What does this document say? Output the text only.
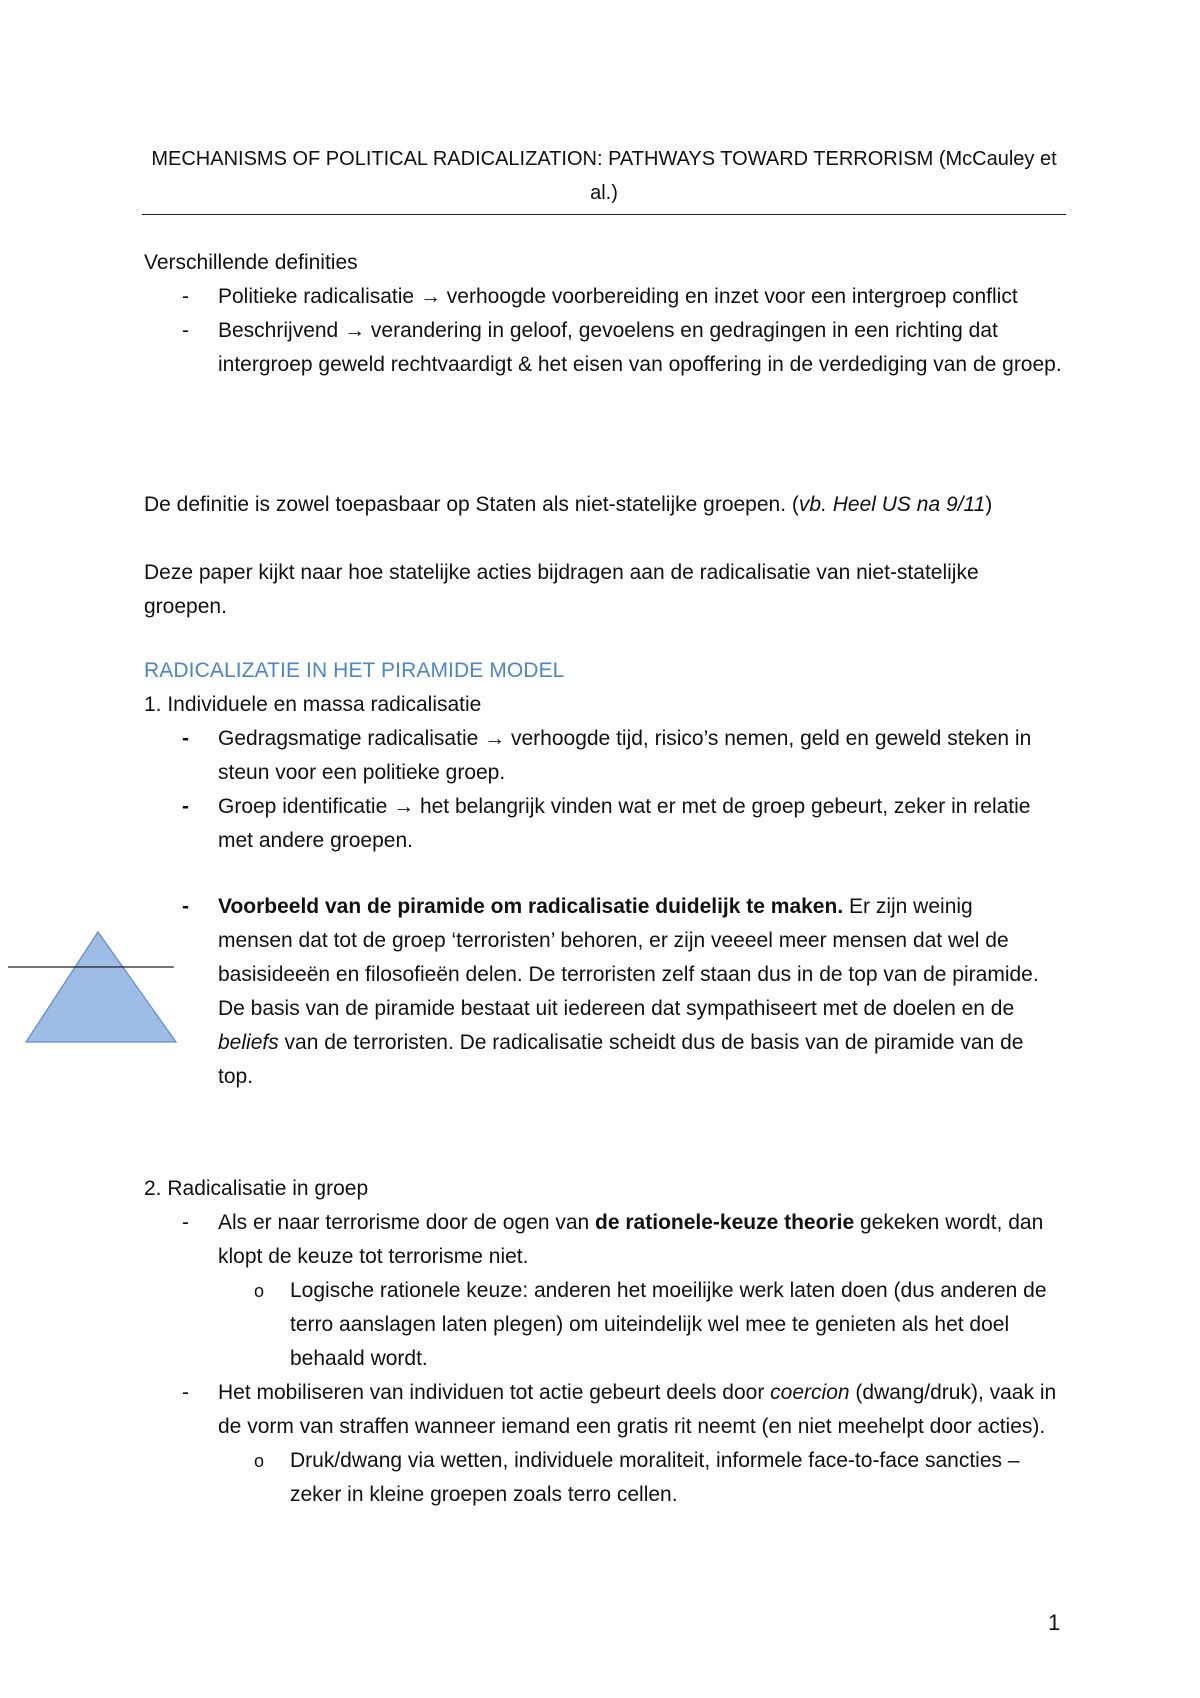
MECHANISMS OF POLITICAL RADICALIZATION: PATHWAYS TOWARD TERRORISM (McCauley et al.)
Verschillende definities
- Politieke radicalisatie → verhoogde voorbereiding en inzet voor een intergroep conflict
- Beschrijvend → verandering in geloof, gevoelens en gedragingen in een richting dat intergroep geweld rechtvaardigt & het eisen van opoffering in de verdediging van de groep.
De definitie is zowel toepasbaar op Staten als niet-statelijke groepen. (vb. Heel US na 9/11)
Deze paper kijkt naar hoe statelijke acties bijdragen aan de radicalisatie van niet-statelijke groepen.
RADICALIZATIE IN HET PIRAMIDE MODEL
1. Individuele en massa radicalisatie
- Gedragsmatige radicalisatie → verhoogde tijd, risico’s nemen, geld en geweld steken in steun voor een politieke groep.
- Groep identificatie → het belangrijk vinden wat er met de groep gebeurt, zeker in relatie met andere groepen.
- Voorbeeld van de piramide om radicalisatie duidelijk te maken. Er zijn weinig mensen dat tot de groep ‘terroristen’ behoren, er zijn veeeel meer mensen dat wel de basisideeën en filosofieën delen. De terroristen zelf staan dus in de top van de piramide. De basis van de piramide bestaat uit iedereen dat sympathiseert met de doelen en de beliefs van de terroristen. De radicalisatie scheidt dus de basis van de piramide van de top.
2. Radicalisatie in groep
- Als er naar terrorisme door de ogen van de rationele-keuze theorie gekeken wordt, dan klopt de keuze tot terrorisme niet.
o Logische rationele keuze: anderen het moeilijke werk laten doen (dus anderen de terro aanslagen laten plegen) om uiteindelijk wel mee te genieten als het doel behaald wordt.
- Het mobiliseren van individuen tot actie gebeurt deels door coercion (dwang/druk), vaak in de vorm van straffen wanneer iemand een gratis rit neemt (en niet meehelpt door acties).
o Druk/dwang via wetten, individuele moraliteit, informele face-to-face sancties – zeker in kleine groepen zoals terro cellen.
1
